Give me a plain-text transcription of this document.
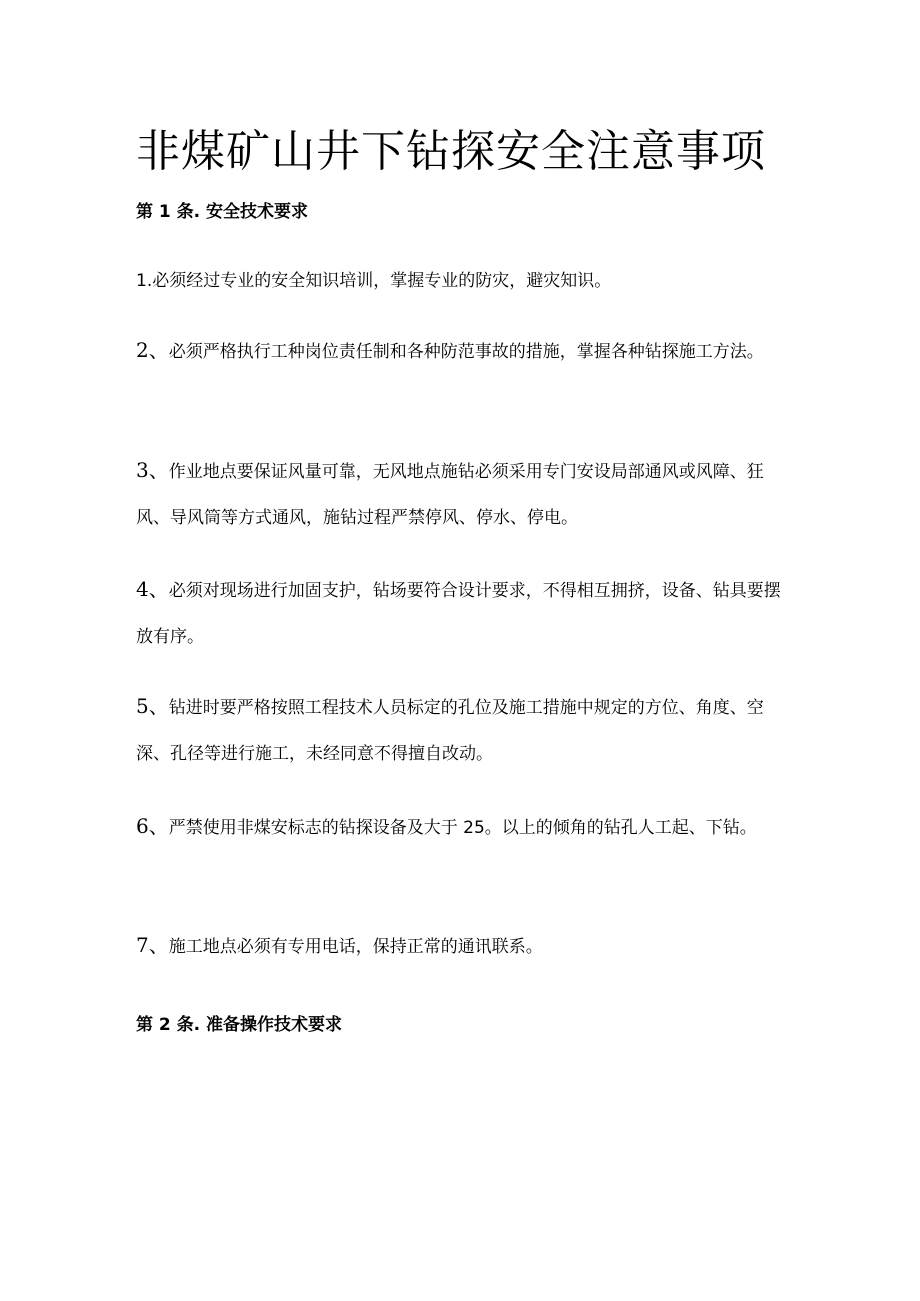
非煤矿山井下钻探安全注意事项
第 1 条. 安全技术要求

1.必须经过专业的安全知识培训，掌握专业的防灾，避灾知识。

2、必须严格执行工种岗位责任制和各种防范事故的措施，掌握各种钻探施工方法。

3、作业地点要保证风量可靠，无风地点施钻必须采用专门安设局部通风或风障、狂风、导风筒等方式通风，施钻过程严禁停风、停水、停电。

4、必须对现场进行加固支护，钻场要符合设计要求，不得相互拥挤，设备、钻具要摆放有序。

5、钻进时要严格按照工程技术人员标定的孔位及施工措施中规定的方位、角度、空深、孔径等进行施工，未经同意不得擅自改动。

6、严禁使用非煤安标志的钻探设备及大于 25。以上的倾角的钻孔人工起、下钻。

7、施工地点必须有专用电话，保持正常的通讯联系。

第 2 条. 准备操作技术要求
